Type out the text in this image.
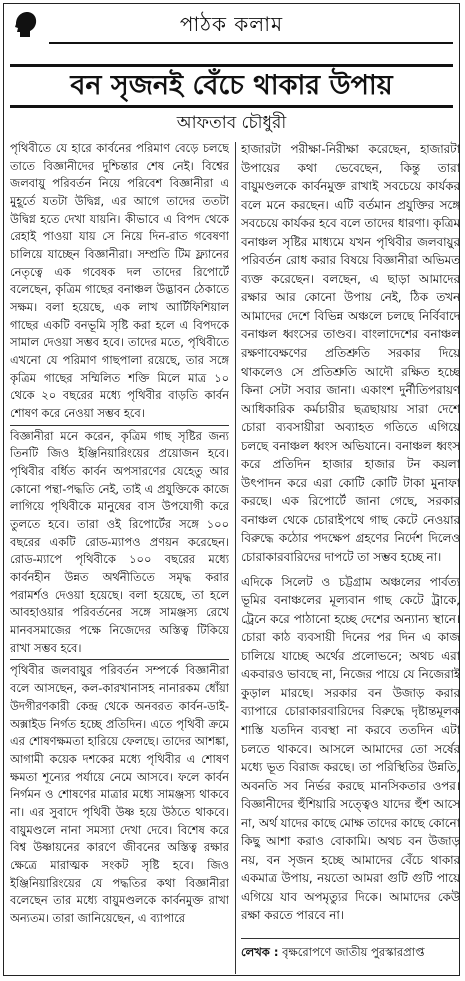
পাঠক কলাম
বন সৃজনই বেঁচে থাকার উপায়
আফতাব চৌধুরী

পৃথিবীতে যে হারে কার্বনের পরিমাণ বেড়ে চলছে তাতে বিজ্ঞানীদের দুশ্চিন্তার শেষ নেই। বিশ্বের জলবায়ু পরিবর্তন নিয়ে পরিবেশ বিজ্ঞানীরা এ মুহূর্তে যতটা উদ্বিগ্ন, এর আগে তাদের ততটা উদ্বিগ্ন হতে দেখা যায়নি। কীভাবে এ বিপদ থেকে রেহাই পাওয়া যায় সে নিয়ে দিন-রাত গবেষণা চালিয়ে যাচ্ছেন বিজ্ঞানীরা। সম্প্রতি টিম ফ্ল্যানের নেতৃত্বে এক গবেষক দল তাদের রিপোর্টে বলেছেন, কৃত্রিম গাছের বনাঞ্চল উদ্ভাবন ঠেকাতে সক্ষম। বলা হয়েছে, এক লাখ আর্টিফিশিয়াল গাছের একটি বনভূমি সৃষ্টি করা হলে এ বিপদকে সামাল দেওয়া সম্ভব হবে। তাদের মতে, পৃথিবীতে এখনো যে পরিমাণ গাছপালা রয়েছে, তার সঙ্গে কৃত্রিম গাছের সম্মিলিত শক্তি মিলে মাত্র ১০ থেকে ২০ বছরের মধ্যে পৃথিবীর বাড়তি কার্বন শোষণ করে নেওয়া সম্ভব হবে।

বিজ্ঞানীরা মনে করেন, কৃত্রিম গাছ সৃষ্টির জন্য তিনটি জিও ইঞ্জিনিয়ারিংয়ের প্রয়োজন হবে। পৃথিবীর বর্ধিত কার্বন অপসারণের যেহেতু আর কোনো পন্থা-পদ্ধতি নেই, তাই এ প্রযুক্তিকে কাজে লাগিয়ে পৃথিবীকে মানুষের বাস উপযোগী করে তুলতে হবে। তারা ওই রিপোর্টের সঙ্গে ১০০ বছরের একটি রোড-ম্যাপও প্রণয়ন করেছেন। রোড-ম্যাপে পৃথিবীকে ১০০ বছরের মধ্যে কার্বনহীন উন্নত অর্থনীতিতে সমৃদ্ধ করার পরামর্শও দেওয়া হয়েছে। বলা হয়েছে, তা হলে আবহাওয়ার পরিবর্তনের সঙ্গে সামঞ্জস্য রেখে মানবসমাজের পক্ষে নিজেদের অস্তিত্ব টিকিয়ে রাখা সম্ভব হবে।

পৃথিবীর জলবায়ুর পরিবর্তন সম্পর্কে বিজ্ঞানীরা বলে আসছেন, কল-কারখানাসহ নানারকম ধোঁয়া উদগীরণকারী কেন্দ্র থেকে অনবরত কার্বন-ডাই-অক্সাইড নির্গত হচ্ছে প্রতিদিন। এতে পৃথিবী ক্রমে এর শোষণক্ষমতা হারিয়ে ফেলছে। তাদের আশঙ্কা, আগামী কয়েক দশকের মধ্যে পৃথিবীর এ শোষণ ক্ষমতা শূন্যের পর্যায়ে নেমে আসবে। ফলে কার্বন নির্গমন ও শোষণের মাত্রার মধ্যে সামঞ্জস্য থাকবে না। এর সুবাদে পৃথিবী উষ্ণ হয়ে উঠতে থাকবে। বায়ুমণ্ডলে নানা সমস্যা দেখা দেবে। বিশেষ করে বিশ্ব উষ্ণায়নের কারণে জীবনের অস্তিত্ব রক্ষার ক্ষেত্রে মারাত্মক সংকট সৃষ্টি হবে। জিও ইঞ্জিনিয়ারিংয়ের যে পদ্ধতির কথা বিজ্ঞানীরা বলেছেন তার মধ্যে বায়ুমণ্ডলকে কার্বনমুক্ত রাখা অন্যতম। তারা জানিয়েছেন, এ ব্যাপারে

হাজারটা পরীক্ষা-নিরীক্ষা করেছেন, হাজারটা উপায়ের কথা ভেবেছেন, কিন্তু তারা বায়ুমণ্ডলকে কার্বনমুক্ত রাখাই সবচেয়ে কার্যকর বলে মনে করছেন। এটি বর্তমান প্রযুক্তির সঙ্গে সবচেয়ে কার্যকর হবে বলে তাদের ধারণা। কৃত্রিম বনাঞ্চল সৃষ্টির মাধ্যমে যখন পৃথিবীর জলবায়ুর পরিবর্তন রোধ করার বিষয়ে বিজ্ঞানীরা অভিমত ব্যক্ত করেছেন। বলছেন, এ ছাড়া আমাদের রক্ষার আর কোনো উপায় নেই, ঠিক তখন আমাদের দেশে বিভিন্ন অঞ্চলে চলছে নির্বিবাদে বনাঞ্চল ধ্বংসের তাণ্ডব। বাংলাদেশের বনাঞ্চল রক্ষণাবেক্ষণের প্রতিশ্রুতি সরকার দিয়ে থাকলেও সে প্রতিশ্রুতি আদৌ রক্ষিত হচ্ছে কিনা সেটা সবার জানা। একাংশ দুর্নীতিপরায়ণ আধিকারিক কর্মচারীর ছত্রছায়ায় সারা দেশে চোরা ব্যবসায়ীরা অব্যাহত গতিতে এগিয়ে চলছে বনাঞ্চল ধ্বংস অভিযানে। বনাঞ্চল ধ্বংস করে প্রতিদিন হাজার হাজার টন কয়লা উৎপাদন করে এরা কোটি কোটি টাকা মুনাফা করছে। এক রিপোর্টে জানা গেছে, সরকার বনাঞ্চল থেকে চোরাইপথে গাছ কেটে নেওয়ার বিরুদ্ধে কঠোর পদক্ষেপ গ্রহণের নির্দেশ দিলেও চোরাকারবারিদের দাপটে তা সম্ভব হচ্ছে না।

এদিকে সিলেট ও চট্টগ্রাম অঞ্চলের পার্বত্য ভূমির বনাঞ্চলের মূল্যবান গাছ কেটে ট্রাকে, ট্রেনে করে পাঠানো হচ্ছে দেশের অন্যান্য স্থানে। চোরা কাঠ ব্যবসায়ী দিনের পর দিন এ কাজ চালিয়ে যাচ্ছে অর্থের প্রলোভনে; অথচ এরা একবারও ভাবছে না, নিজের পায়ে যে নিজেরাই কুড়াল মারছে। সরকার বন উজাড় করার ব্যাপারে চোরাকারবারিদের বিরুদ্ধে দৃষ্টান্তমূলক শাস্তি যতদিন ব্যবস্থা না করবে ততদিন এটা চলতে থাকবে। আসলে আমাদের তো সর্ষের মধ্যে ভূত বিরাজ করছে। তা পরিস্থিতির উন্নতি, অবনতি সব নির্ভর করছে মানসিকতার ওপর। বিজ্ঞানীদের হুঁশিয়ারি সত্ত্বেও যাদের হুঁশ আসে না, অর্থ যাদের কাছে মোক্ষ তাদের কাছে কোনো কিছু আশা করাও বোকামি। অথচ বন উজাড় নয়, বন সৃজন হচ্ছে আমাদের বেঁচে থাকার একমাত্র উপায়, নয়তো আমরা গুটি গুটি পায়ে এগিয়ে যাব অপমৃত্যুর দিকে। আমাদের কেউ রক্ষা করতে পারবে না।

লেখক : বৃক্ষরোপণে জাতীয় পুরস্কারপ্রাপ্ত
